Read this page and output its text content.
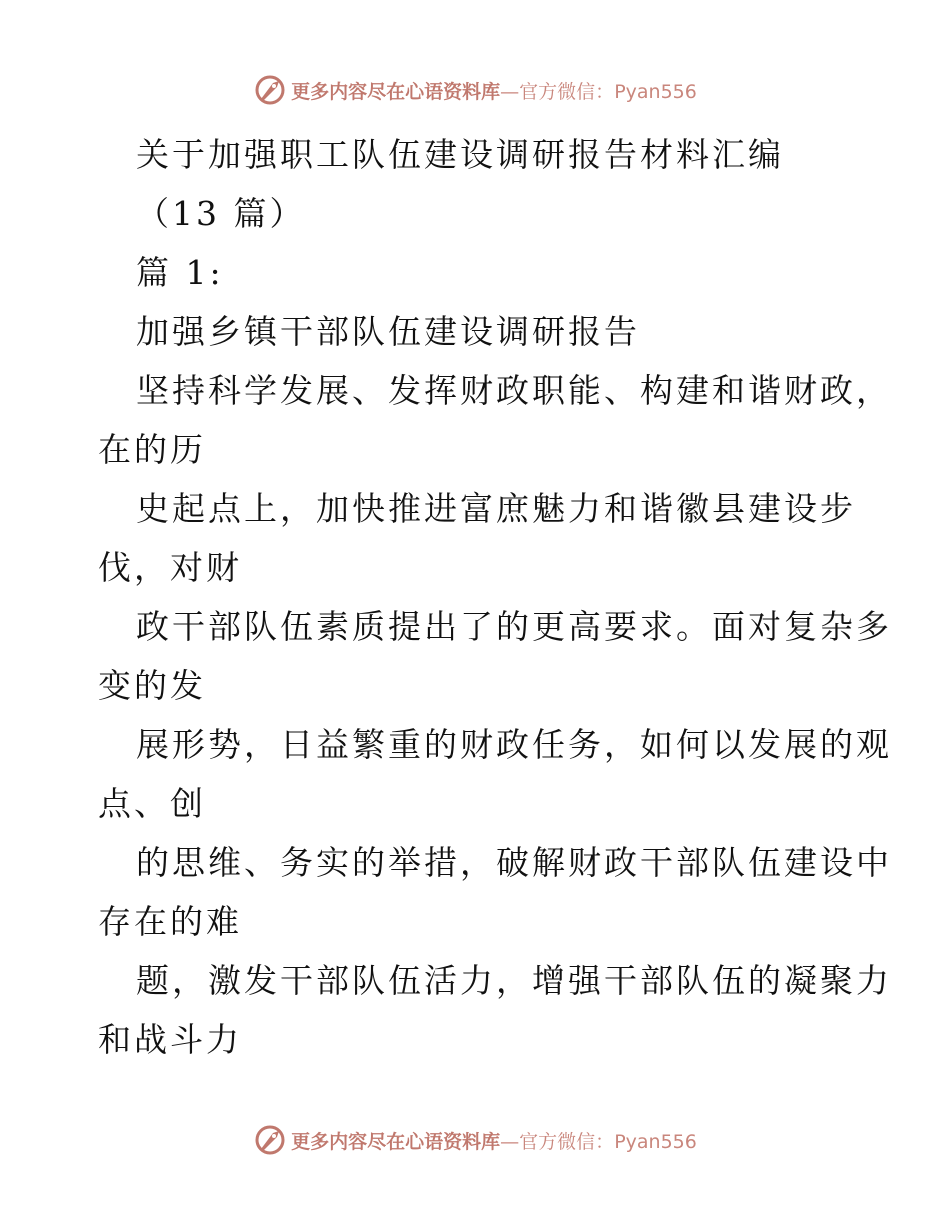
更多内容尽在心语资料库—官方微信：Pyan556
关于加强职工队伍建设调研报告材料汇编
（13 篇）
篇 1:
加强乡镇干部队伍建设调研报告
坚持科学发展、发挥财政职能、构建和谐财政，
在的历
史起点上，加快推进富庶魅力和谐徽县建设步
伐，对财
政干部队伍素质提出了的更高要求。面对复杂多
变的发
展形势，日益繁重的财政任务，如何以发展的观
点、创
的思维、务实的举措，破解财政干部队伍建设中
存在的难
题，激发干部队伍活力，增强干部队伍的凝聚力
和战斗力
更多内容尽在心语资料库—官方微信：Pyan556
